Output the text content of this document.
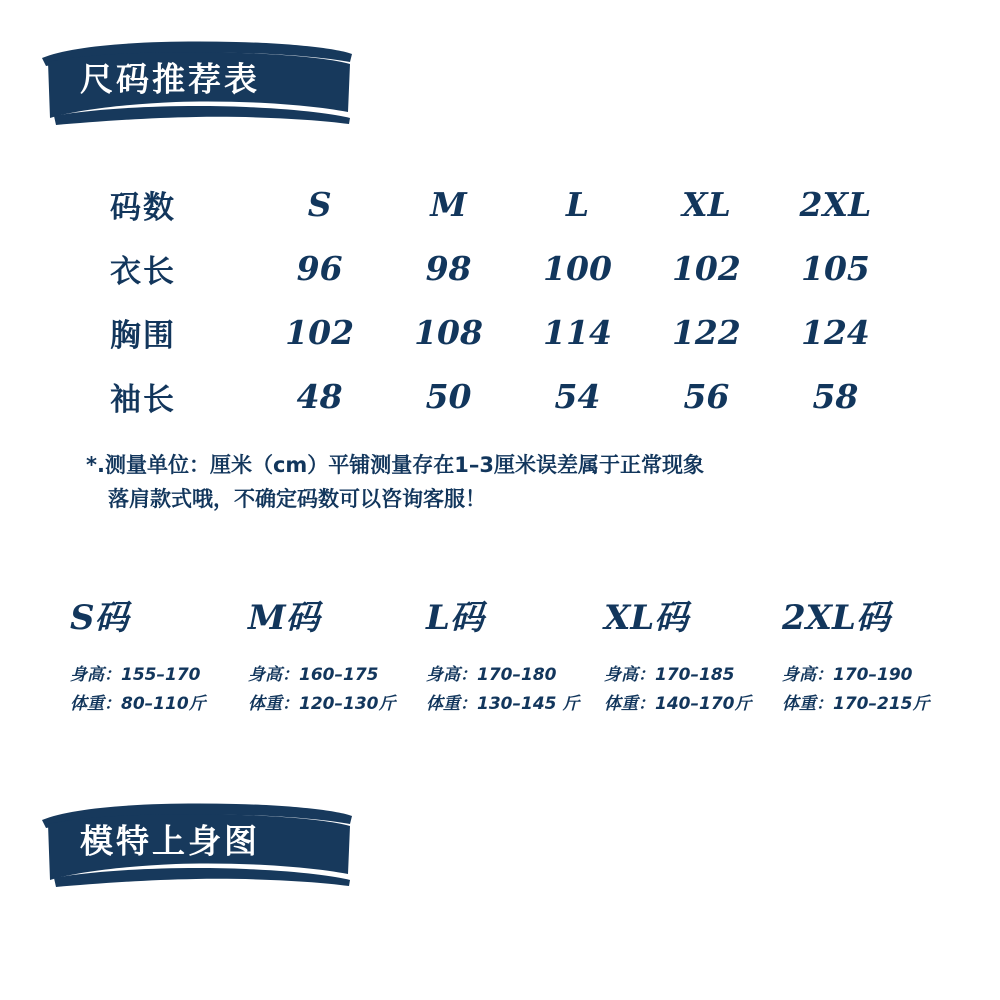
尺码推荐表
码数	S	M	L	XL	2XL
衣长	96	98	100	102	105
胸围	102	108	114	122	124
袖长	48	50	54	56	58
*.测量单位：厘米（cm）平铺测量存在1–3厘米误差属于正常现象
落肩款式哦，不确定码数可以咨询客服！
S码
身高：155–170
体重：80–110斤
M码
身高：160–175
体重：120–130斤
L码
身高：170–180
体重：130–145 斤
XL码
身高：170–185
体重：140–170斤
2XL码
身高：170–190
体重：170–215斤
模特上身图
